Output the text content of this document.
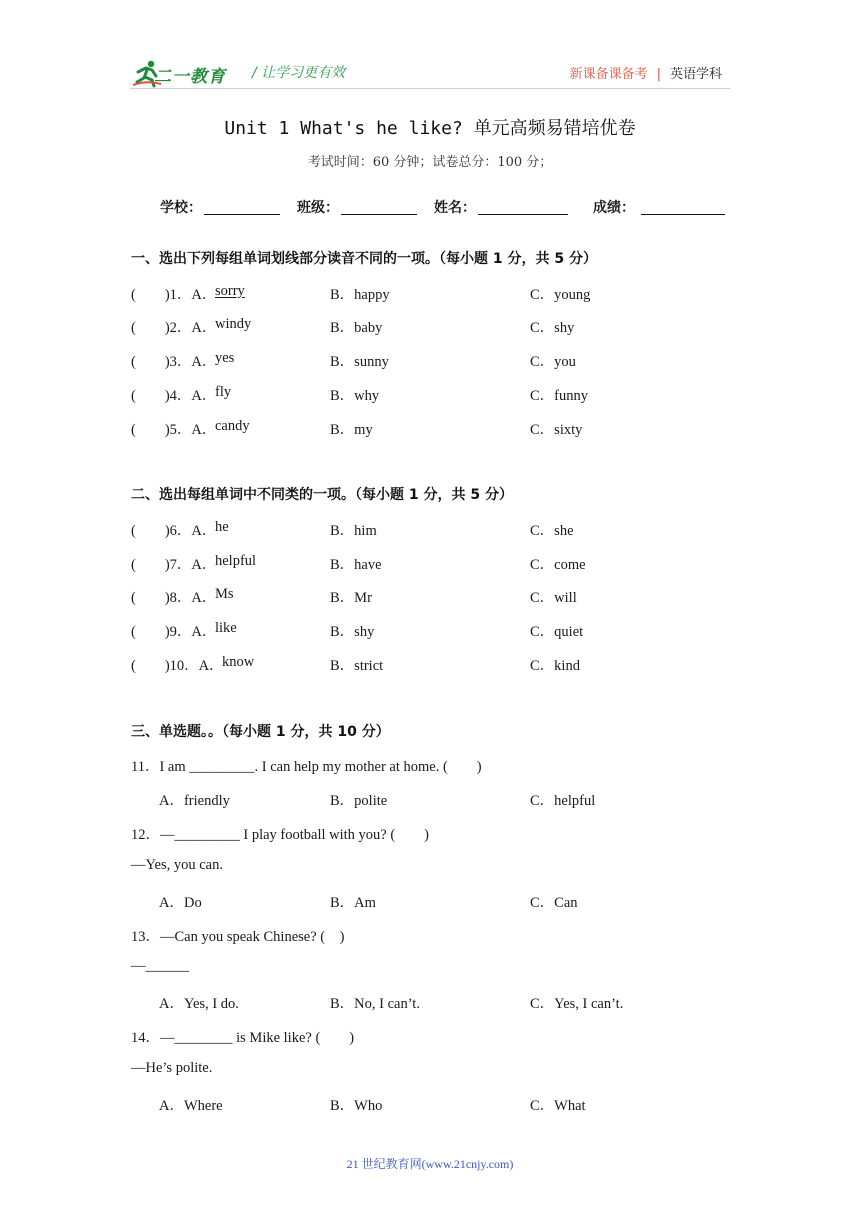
二一教育 / 让学习更有效	新课备课备考 | 英语学科
Unit 1 What's he like? 单元高频易错培优卷
考试时间：60 分钟；试卷总分：100 分；
学校：	班级：	姓名：	成绩：
一、选出下列每组单词划线部分读音不同的一项。（每小题 1 分，共 5 分）
(　　)1．A．
sorry	B．happy	C．young
(　　)2．A．
windy	B．baby	C．shy
(　　)3．A．
yes	B．sunny	C．you
(　　)4．A．
fly	B．why	C．funny
(　　)5．A．
candy	B．my	C．sixty
二、选出每组单词中不同类的一项。（每小题 1 分，共 5 分）
(　　)6．A．
he	B．him	C．she
(　　)7．A．
helpful	B．have	C．come
(　　)8．A．
Ms	B．Mr	C．will
(　　)9．A．
like	B．shy	C．quiet
(　　)10．A．
know	B．strict	C．kind
三、单选题。。（每小题 1 分，共 10 分）
11．I am _________. I can help my mother at home. (　　)
A．friendly	B．polite	C．helpful
12．—_________ I play football with you? (　　)
—Yes, you can.
A．Do	B．Am	C．Can
13．—Can you speak Chinese? (　)
—______
A．Yes, I do.	B．No, I can’t.	C．Yes, I can’t.
14．—________ is Mike like? (　　)
—He’s polite.
A．Where	B．Who	C．What
21 世纪教育网(www.21cnjy.com)
